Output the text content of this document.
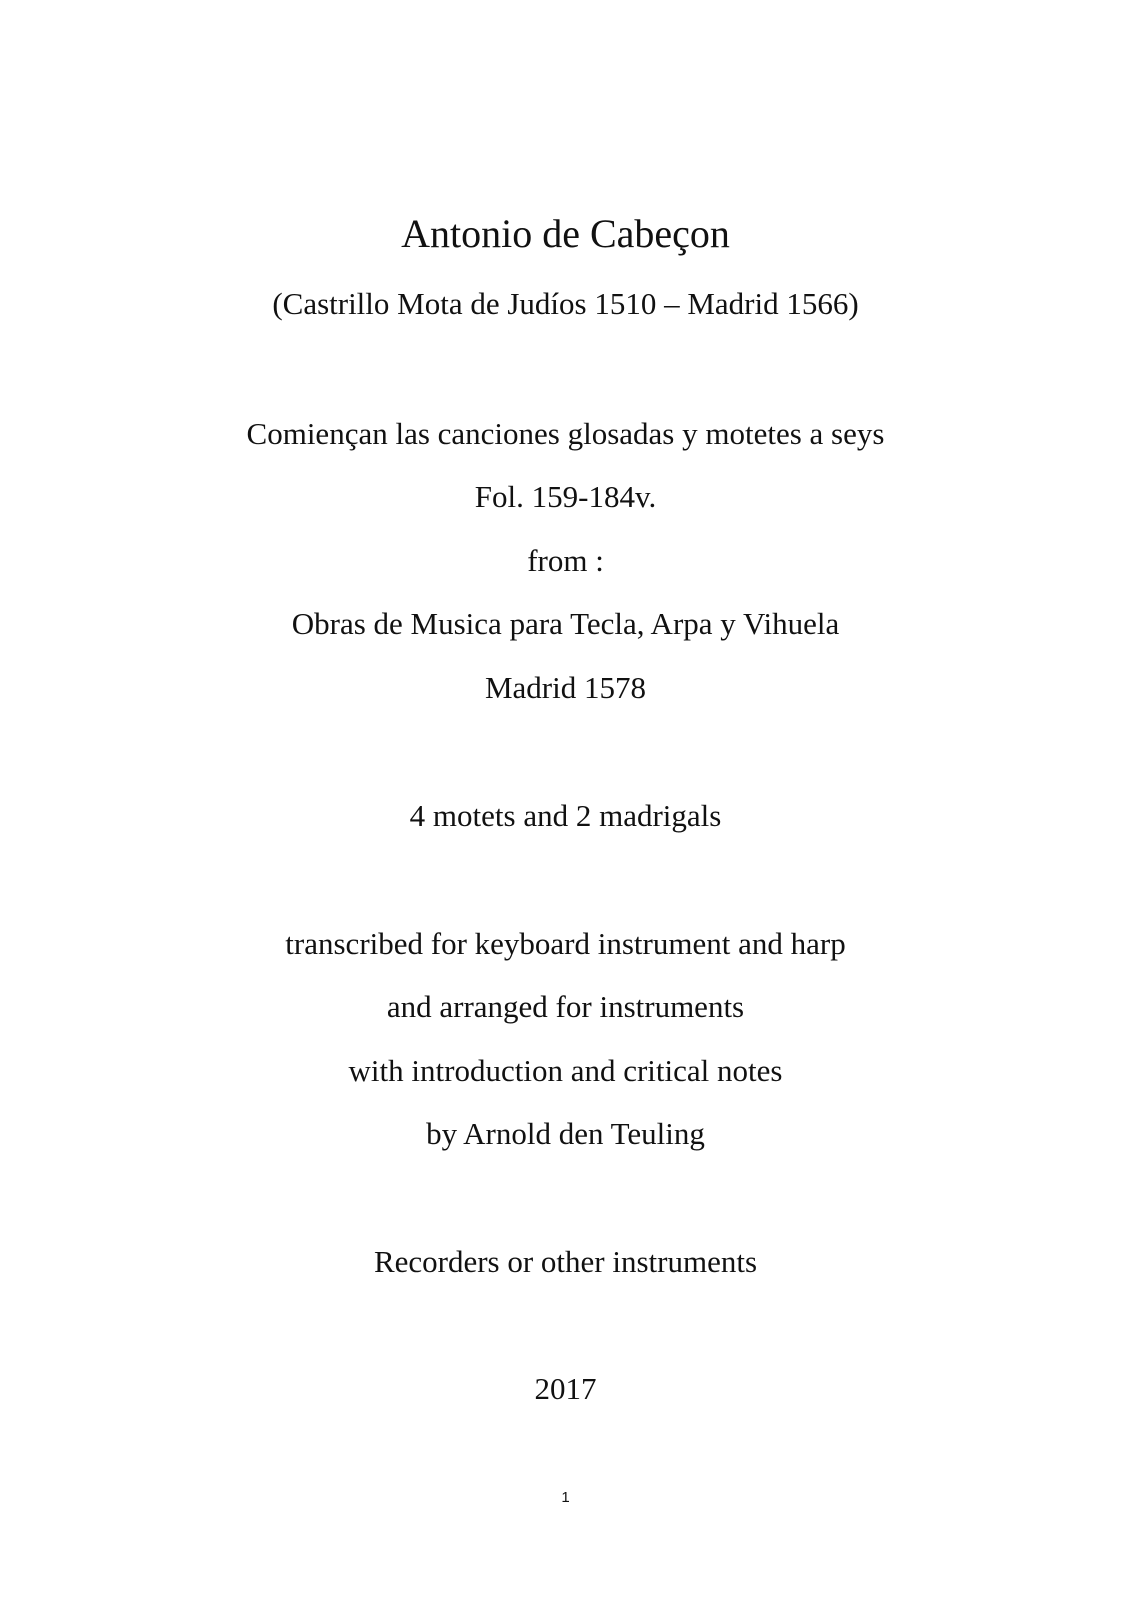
Antonio de Cabeçon
(Castrillo Mota de Judíos 1510 – Madrid 1566)
Comiençan las canciones glosadas y motetes a seys
Fol. 159-184v.
from :
Obras de Musica para Tecla, Arpa y Vihuela
Madrid 1578
4 motets and 2 madrigals
transcribed for keyboard instrument and harp
and arranged for instruments
with introduction and critical notes
by Arnold den Teuling
Recorders or other instruments
2017
1
